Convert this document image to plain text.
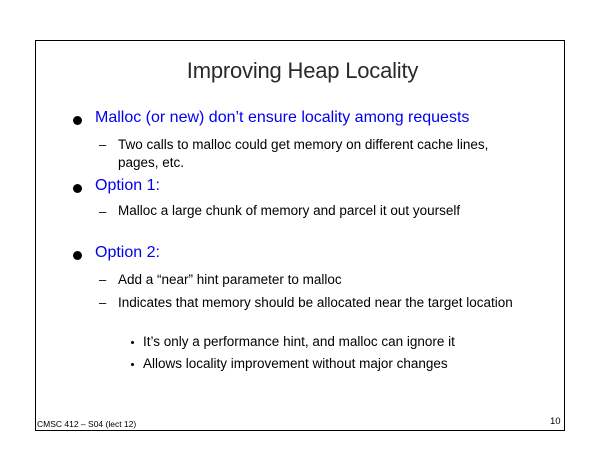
Improving Heap Locality
Malloc (or new) don’t ensure locality among requests
– Two calls to malloc could get memory on different cache lines, pages, etc.
Option 1:
– Malloc a large chunk of memory and parcel it out yourself
Option 2:
– Add a “near” hint parameter to malloc
– Indicates that memory should be allocated near the target location
It’s only a performance hint, and malloc can ignore it
Allows locality improvement without major changes
CMSC 412 – S04 (lect 12)	10
